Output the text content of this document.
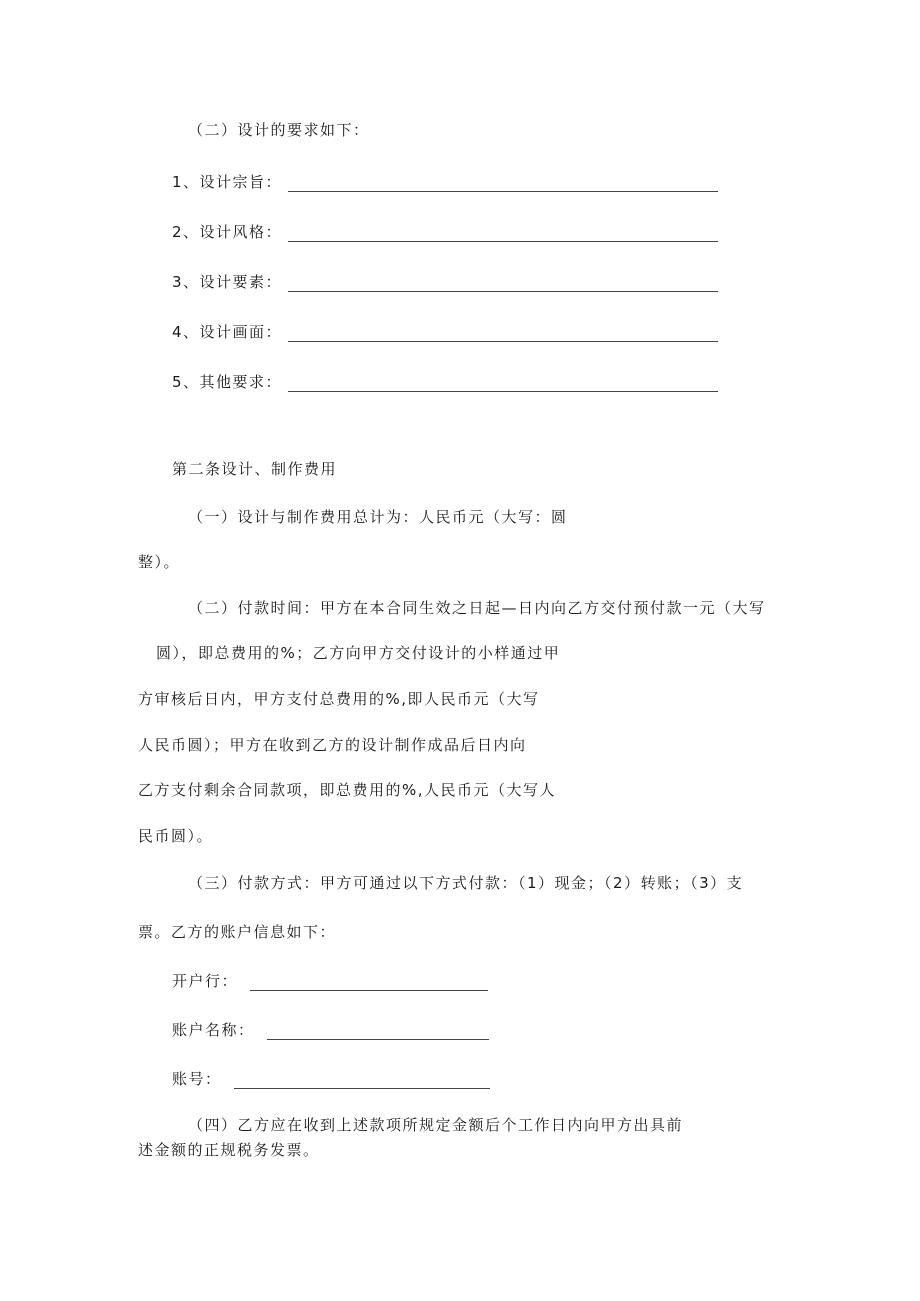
（二）设计的要求如下：
1、设计宗旨：
2、设计风格：
3、设计要素：
4、设计画面：
5、其他要求：
第二条设计、制作费用
（一）设计与制作费用总计为：人民币元（大写：圆
整）。
（二）付款时间：甲方在本合同生效之日起—日内向乙方交付预付款一元（大写
圆），即总费用的%；乙方向甲方交付设计的小样通过甲
方审核后日内，甲方支付总费用的%,即人民币元（大写
人民币圆）；甲方在收到乙方的设计制作成品后日内向
乙方支付剩余合同款项，即总费用的%,人民币元（大写人
民币圆）。
（三）付款方式：甲方可通过以下方式付款：（1）现金；（2）转账；（3）支
票。乙方的账户信息如下：
开户行：
账户名称：
账号：
（四）乙方应在收到上述款项所规定金额后个工作日内向甲方出具前
述金额的正规税务发票。
